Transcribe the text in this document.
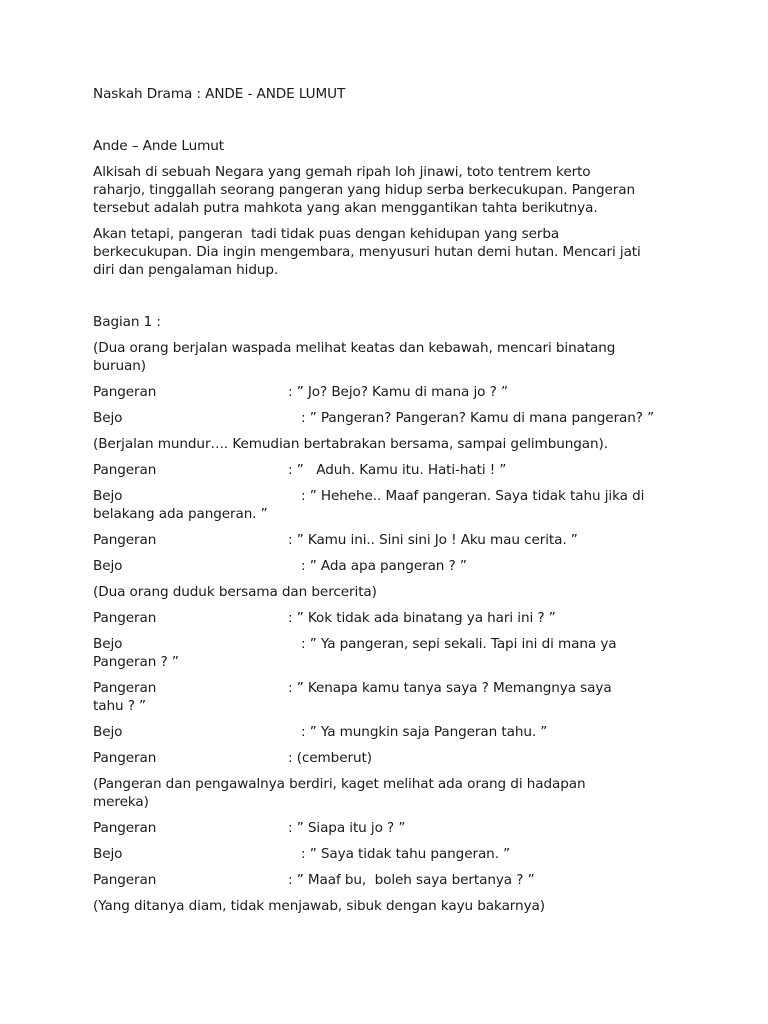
Naskah Drama : ANDE - ANDE LUMUT

Ande – Ande Lumut

Alkisah di sebuah Negara yang gemah ripah loh jinawi, toto tentrem kerto
raharjo, tinggallah seorang pangeran yang hidup serba berkecukupan. Pangeran
tersebut adalah putra mahkota yang akan menggantikan tahta berikutnya.

Akan tetapi, pangeran  tadi tidak puas dengan kehidupan yang serba
berkecukupan. Dia ingin mengembara, menyusuri hutan demi hutan. Mencari jati
diri dan pengalaman hidup.

Bagian 1 :

(Dua orang berjalan waspada melihat keatas dan kebawah, mencari binatang
buruan)

Pangeran	: ” Jo? Bejo? Kamu di mana jo ? ”
Bejo	: ” Pangeran? Pangeran? Kamu di mana pangeran? ”

(Berjalan mundur…. Kemudian bertabrakan bersama, sampai gelimbungan).

Pangeran	: ”   Aduh. Kamu itu. Hati-hati ! ”
Bejo	: ” Hehehe.. Maaf pangeran. Saya tidak tahu jika di
belakang ada pangeran. ”
Pangeran	: ” Kamu ini.. Sini sini Jo ! Aku mau cerita. ”
Bejo	: ” Ada apa pangeran ? ”

(Dua orang duduk bersama dan bercerita)

Pangeran	: ” Kok tidak ada binatang ya hari ini ? ”
Bejo	: ” Ya pangeran, sepi sekali. Tapi ini di mana ya
Pangeran ? ”
Pangeran	: ” Kenapa kamu tanya saya ? Memangnya saya
tahu ? ”
Bejo	: ” Ya mungkin saja Pangeran tahu. ”
Pangeran	: (cemberut)

(Pangeran dan pengawalnya berdiri, kaget melihat ada orang di hadapan
mereka)

Pangeran	: ” Siapa itu jo ? ”
Bejo	: ” Saya tidak tahu pangeran. ”
Pangeran	: ” Maaf bu,  boleh saya bertanya ? ”

(Yang ditanya diam, tidak menjawab, sibuk dengan kayu bakarnya)
